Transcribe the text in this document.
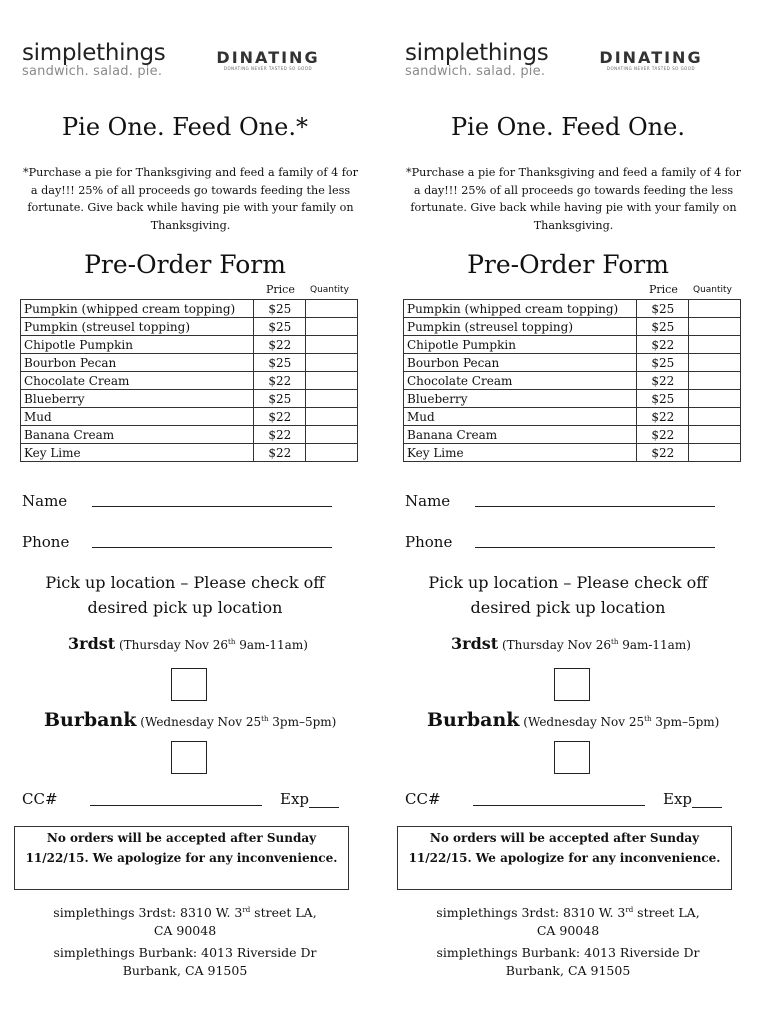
simplethings
sandwich. salad. pie.
DINATING
DONATING NEVER TASTED SO GOOD
Pie One. Feed One.*
*Purchase a pie for Thanksgiving and feed a family of 4 for a day!!! 25% of all proceeds go towards feeding the less fortunate. Give back while having pie with your family on Thanksgiving.
Pre-Order Form
Price Quantity
Pumpkin (whipped cream topping)	$25	
Pumpkin (streusel topping)	$25	
Chipotle Pumpkin	$22	
Bourbon Pecan	$25	
Chocolate Cream	$22	
Blueberry	$25	
Mud	$22	
Banana Cream	$22	
Key Lime	$22	
Name
Phone
Pick up location – Please check off
desired pick up location
3rdst (Thursday Nov 26th 9am-11am)
Burbank (Wednesday Nov 25th 3pm–5pm)
CC#	Exp
No orders will be accepted after Sunday 11/22/15. We apologize for any inconvenience.
simplethings 3rdst: 8310 W. 3rd street LA,
CA 90048
simplethings Burbank: 4013 Riverside Dr
Burbank, CA 91505
simplethings
sandwich. salad. pie.
DINATING
DONATING NEVER TASTED SO GOOD
Pie One. Feed One.
*Purchase a pie for Thanksgiving and feed a family of 4 for a day!!! 25% of all proceeds go towards feeding the less fortunate. Give back while having pie with your family on Thanksgiving.
Pre-Order Form
Price Quantity
Pumpkin (whipped cream topping)	$25	
Pumpkin (streusel topping)	$25	
Chipotle Pumpkin	$22	
Bourbon Pecan	$25	
Chocolate Cream	$22	
Blueberry	$25	
Mud	$22	
Banana Cream	$22	
Key Lime	$22	
Name
Phone
Pick up location – Please check off
desired pick up location
3rdst (Thursday Nov 26th 9am-11am)
Burbank (Wednesday Nov 25th 3pm–5pm)
CC#	Exp
No orders will be accepted after Sunday 11/22/15. We apologize for any inconvenience.
simplethings 3rdst: 8310 W. 3rd street LA,
CA 90048
simplethings Burbank: 4013 Riverside Dr
Burbank, CA 91505
